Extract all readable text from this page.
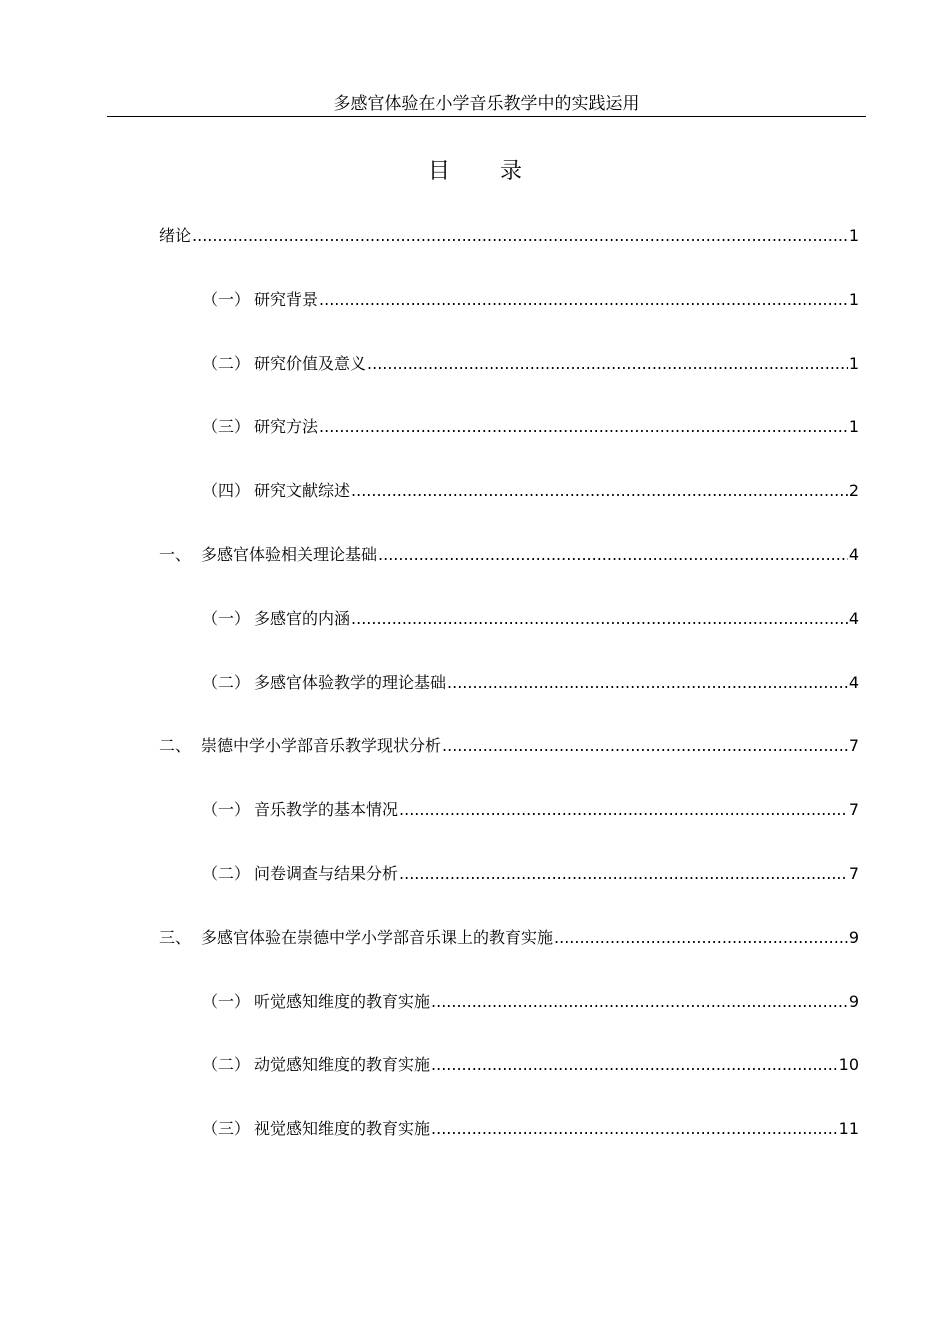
多感官体验在小学音乐教学中的实践运用
目录
绪论 .....	1
（一） 研究背景 .....	1
（二） 研究价值及意义 .....	1
（三） 研究方法 .....	1
（四） 研究文献综述 .....	2
一、 多感官体验相关理论基础 .....	4
（一） 多感官的内涵 .....	4
（二） 多感官体验教学的理论基础 .....	4
二、 崇德中学小学部音乐教学现状分析 .....	7
（一） 音乐教学的基本情况 .....	7
（二） 问卷调查与结果分析 .....	7
三、 多感官体验在崇德中学小学部音乐课上的教育实施 .....	9
（一） 听觉感知维度的教育实施 .....	9
（二） 动觉感知维度的教育实施 .....	10
（三） 视觉感知维度的教育实施 .....	11
